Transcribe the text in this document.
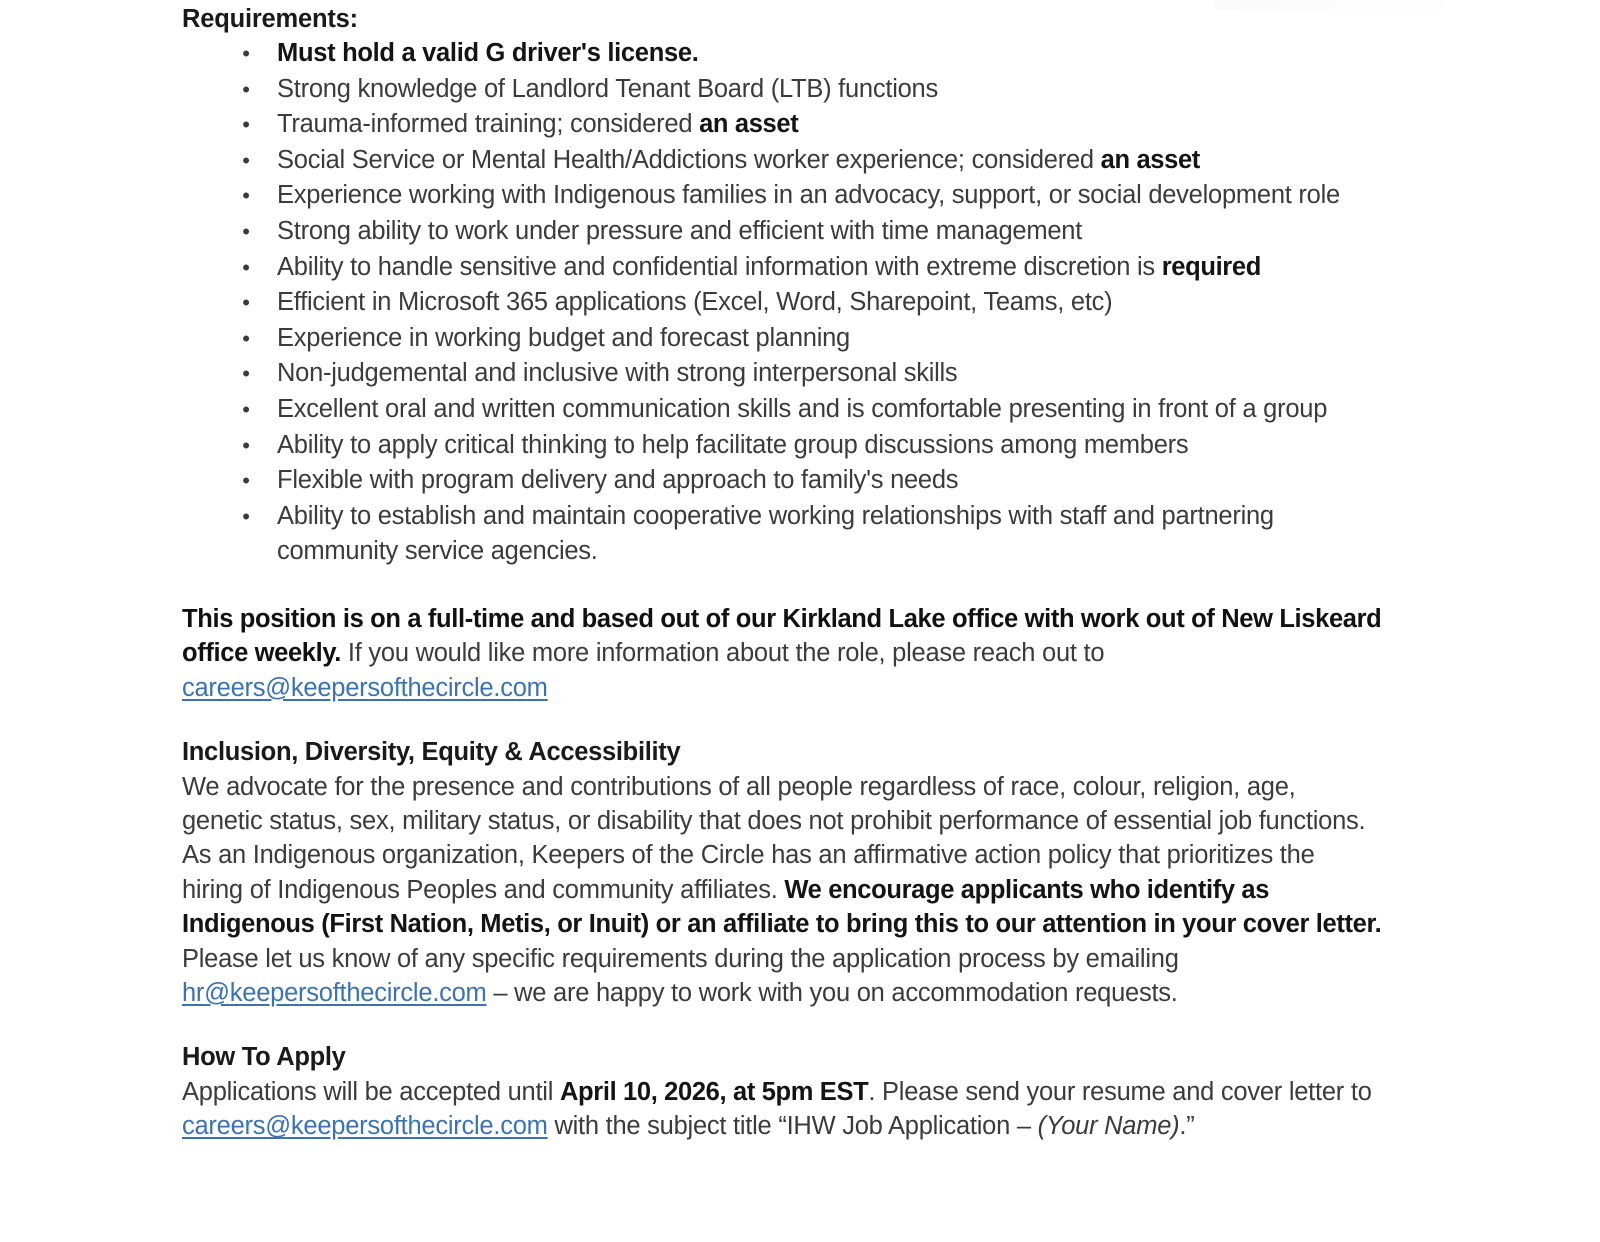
Requirements:
• Must hold a valid G driver's license.
• Strong knowledge of Landlord Tenant Board (LTB) functions
• Trauma-informed training; considered an asset
• Social Service or Mental Health/Addictions worker experience; considered an asset
• Experience working with Indigenous families in an advocacy, support, or social development role
• Strong ability to work under pressure and efficient with time management
• Ability to handle sensitive and confidential information with extreme discretion is required
• Efficient in Microsoft 365 applications (Excel, Word, Sharepoint, Teams, etc)
• Experience in working budget and forecast planning
• Non-judgemental and inclusive with strong interpersonal skills
• Excellent oral and written communication skills and is comfortable presenting in front of a group
• Ability to apply critical thinking to help facilitate group discussions among members
• Flexible with program delivery and approach to family's needs
• Ability to establish and maintain cooperative working relationships with staff and partnering community service agencies.

This position is on a full-time and based out of our Kirkland Lake office with work out of New Liskeard office weekly. If you would like more information about the role, please reach out to careers@keepersofthecircle.com

Inclusion, Diversity, Equity & Accessibility

We advocate for the presence and contributions of all people regardless of race, colour, religion, age, genetic status, sex, military status, or disability that does not prohibit performance of essential job functions. As an Indigenous organization, Keepers of the Circle has an affirmative action policy that prioritizes the hiring of Indigenous Peoples and community affiliates. We encourage applicants who identify as Indigenous (First Nation, Metis, or Inuit) or an affiliate to bring this to our attention in your cover letter. Please let us know of any specific requirements during the application process by emailing hr@keepersofthecircle.com – we are happy to work with you on accommodation requests.

How To Apply

Applications will be accepted until April 10, 2026, at 5pm EST. Please send your resume and cover letter to careers@keepersofthecircle.com with the subject title “IHW Job Application – (Your Name).”
